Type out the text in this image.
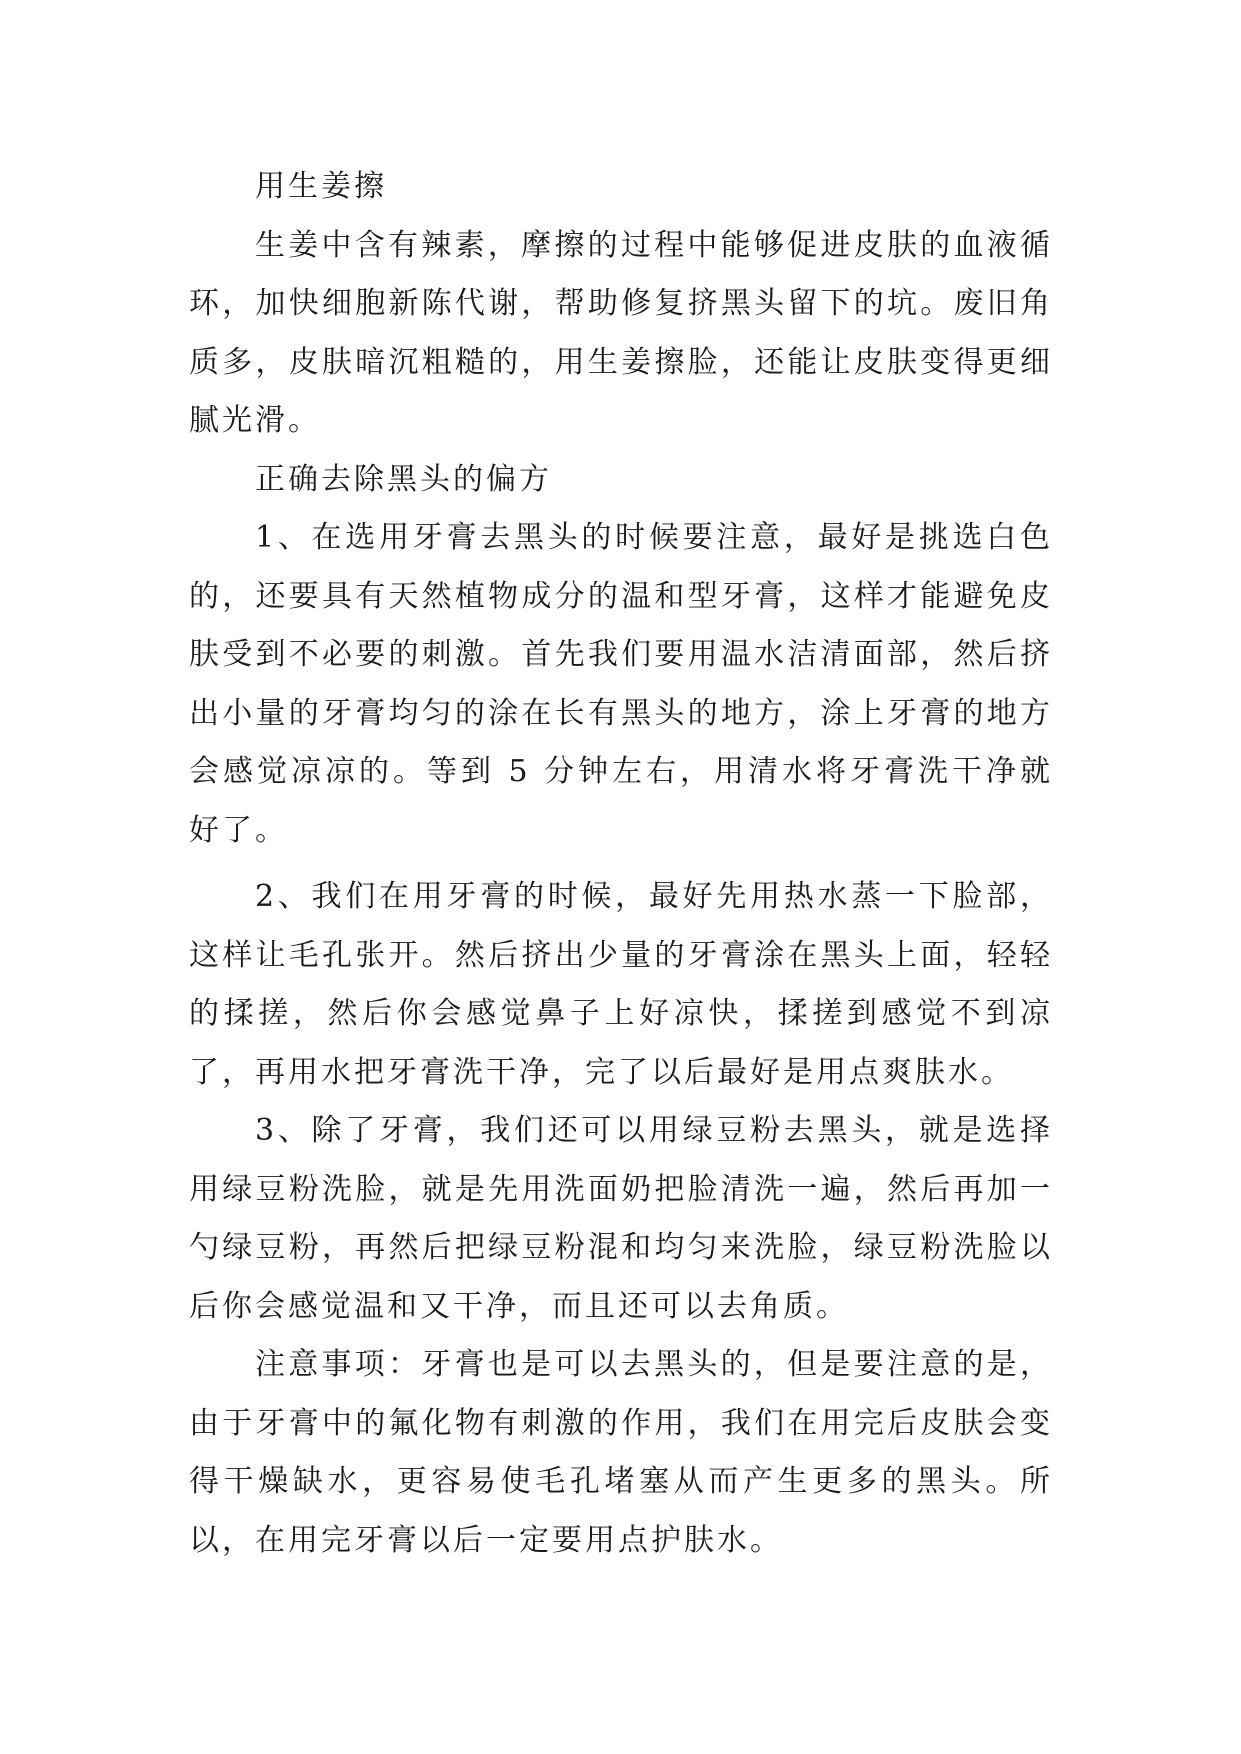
用生姜擦

生姜中含有辣素，摩擦的过程中能够促进皮肤的血液循环，加快细胞新陈代谢，帮助修复挤黑头留下的坑。废旧角质多，皮肤暗沉粗糙的，用生姜擦脸，还能让皮肤变得更细腻光滑。

正确去除黑头的偏方

1、在选用牙膏去黑头的时候要注意，最好是挑选白色的，还要具有天然植物成分的温和型牙膏，这样才能避免皮肤受到不必要的刺激。首先我们要用温水洁清面部，然后挤出小量的牙膏均匀的涂在长有黑头的地方，涂上牙膏的地方会感觉凉凉的。等到 5 分钟左右，用清水将牙膏洗干净就好了。

2、我们在用牙膏的时候，最好先用热水蒸一下脸部，这样让毛孔张开。然后挤出少量的牙膏涂在黑头上面，轻轻的揉搓，然后你会感觉鼻子上好凉快，揉搓到感觉不到凉了，再用水把牙膏洗干净，完了以后最好是用点爽肤水。

3、除了牙膏，我们还可以用绿豆粉去黑头，就是选择用绿豆粉洗脸，就是先用洗面奶把脸清洗一遍，然后再加一勺绿豆粉，再然后把绿豆粉混和均匀来洗脸，绿豆粉洗脸以后你会感觉温和又干净，而且还可以去角质。

注意事项：牙膏也是可以去黑头的，但是要注意的是，由于牙膏中的氟化物有刺激的作用，我们在用完后皮肤会变得干燥缺水，更容易使毛孔堵塞从而产生更多的黑头。所以，在用完牙膏以后一定要用点护肤水。
